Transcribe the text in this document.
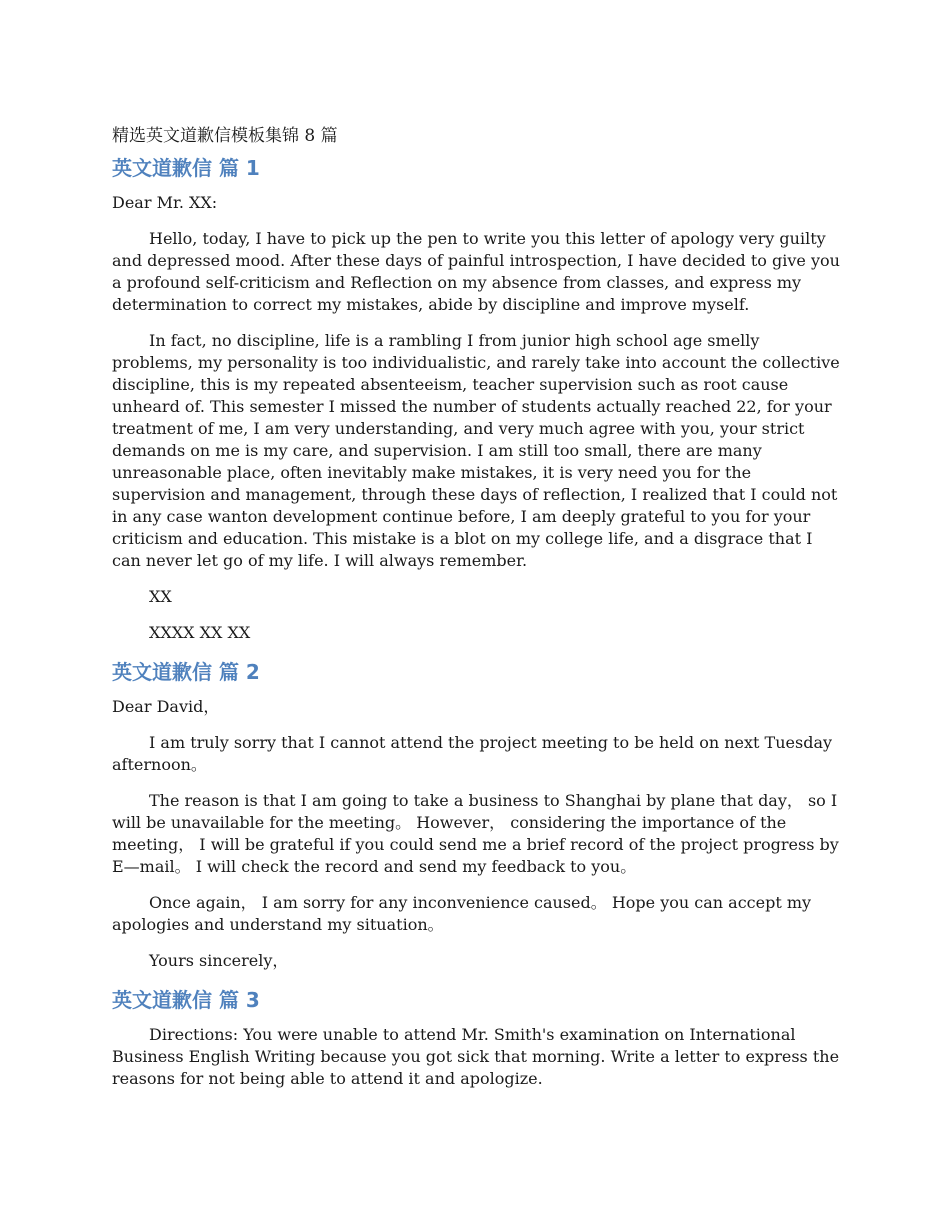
精选英文道歉信模板集锦 8 篇

英文道歉信 篇 1

Dear Mr. XX:

Hello, today, I have to pick up the pen to write you this letter of apology very guilty and depressed mood. After these days of painful introspection, I have decided to give you a profound self-criticism and Reflection on my absence from classes, and express my determination to correct my mistakes, abide by discipline and improve myself.

In fact, no discipline, life is a rambling I from junior high school age smelly problems, my personality is too individualistic, and rarely take into account the collective discipline, this is my repeated absenteeism, teacher supervision such as root cause unheard of. This semester I missed the number of students actually reached 22, for your treatment of me, I am very understanding, and very much agree with you, your strict demands on me is my care, and supervision. I am still too small, there are many unreasonable place, often inevitably make mistakes, it is very need you for the supervision and management, through these days of reflection, I realized that I could not in any case wanton development continue before, I am deeply grateful to you for your criticism and education. This mistake is a blot on my college life, and a disgrace that I can never let go of my life. I will always remember.

XX

XXXX XX XX

英文道歉信 篇 2

Dear David，

I am truly sorry that I cannot attend the project meeting to be held on next Tuesday afternoon。

The reason is that I am going to take a business to Shanghai by plane that day， so I will be unavailable for the meeting。 However， considering the importance of the meeting， I will be grateful if you could send me a brief record of the project progress by E—mail。 I will check the record and send my feedback to you。

Once again， I am sorry for any inconvenience caused。 Hope you can accept my apologies and understand my situation。

Yours sincerely，

英文道歉信 篇 3

Directions: You were unable to attend Mr. Smith's examination on International Business English Writing because you got sick that morning. Write a letter to express the reasons for not being able to attend it and apologize.
